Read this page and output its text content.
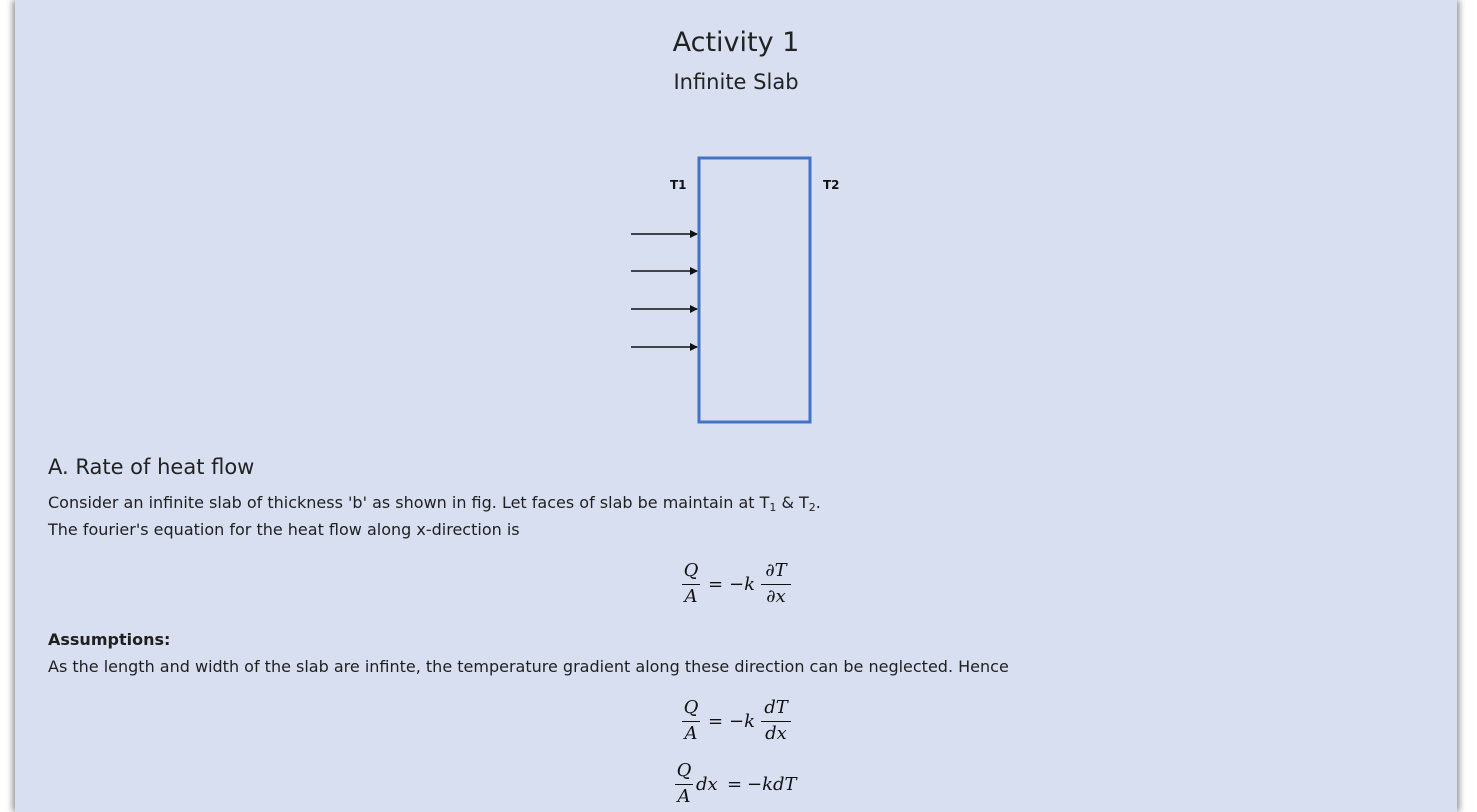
Activity 1
Infinite Slab
T1	T2
A. Rate of heat flow

Consider an infinite slab of thickness 'b' as shown in fig. Let faces of slab be maintain at $T_1$ & $T_2$.

The fourier's equation for the heat flow along x-direction is

Q
A
= −k
∂T
∂x

Assumptions:

As the length and width of the slab are infinte, the temperature gradient along these direction can be neglected. Hence

Q
A
= −k
dT
dx
Q
A
dx = −kdT
